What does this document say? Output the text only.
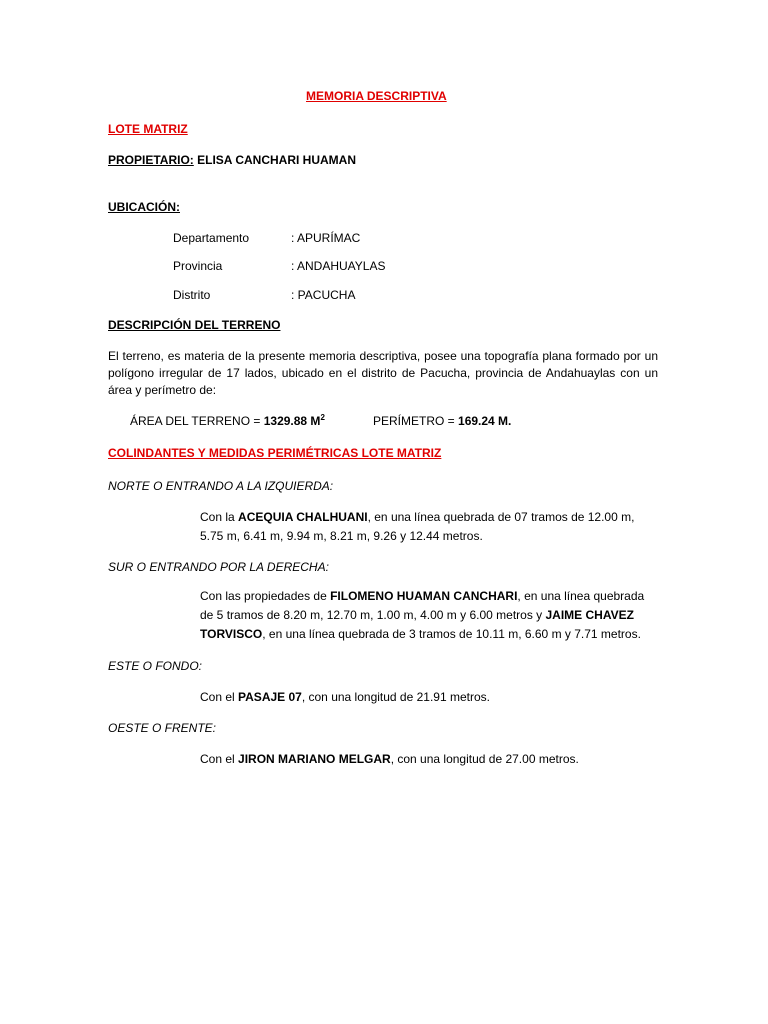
MEMORIA DESCRIPTIVA
LOTE MATRIZ
PROPIETARIO: ELISA CANCHARI HUAMAN
UBICACIÓN:
Departamento	: APURÍMAC
Provincia	: ANDAHUAYLAS
Distrito	: PACUCHA
DESCRIPCIÓN DEL TERRENO
El terreno, es materia de la presente memoria descriptiva, posee una topografía plana formado por un polígono irregular de 17 lados, ubicado en el distrito de Pacucha, provincia de Andahuaylas con un área y perímetro de:
ÁREA DEL TERRENO = 1329.88 $M^2$	PERÍMETRO = 169.24 M.
COLINDANTES Y MEDIDAS PERIMÉTRICAS LOTE MATRIZ
NORTE O ENTRANDO A LA IZQUIERDA:
Con la ACEQUIA CHALHUANI, en una línea quebrada de 07 tramos de 12.00 m, 5.75 m, 6.41 m, 9.94 m, 8.21 m, 9.26 y 12.44 metros.
SUR O ENTRANDO POR LA DERECHA:
Con las propiedades de FILOMENO HUAMAN CANCHARI, en una línea quebrada de 5 tramos de 8.20 m, 12.70 m, 1.00 m, 4.00 m y 6.00 metros y JAIME CHAVEZ TORVISCO, en una línea quebrada de 3 tramos de 10.11 m, 6.60 m y 7.71 metros.
ESTE O FONDO:
Con el PASAJE 07, con una longitud de 21.91 metros.
OESTE O FRENTE:
Con el JIRON MARIANO MELGAR, con una longitud de 27.00 metros.
